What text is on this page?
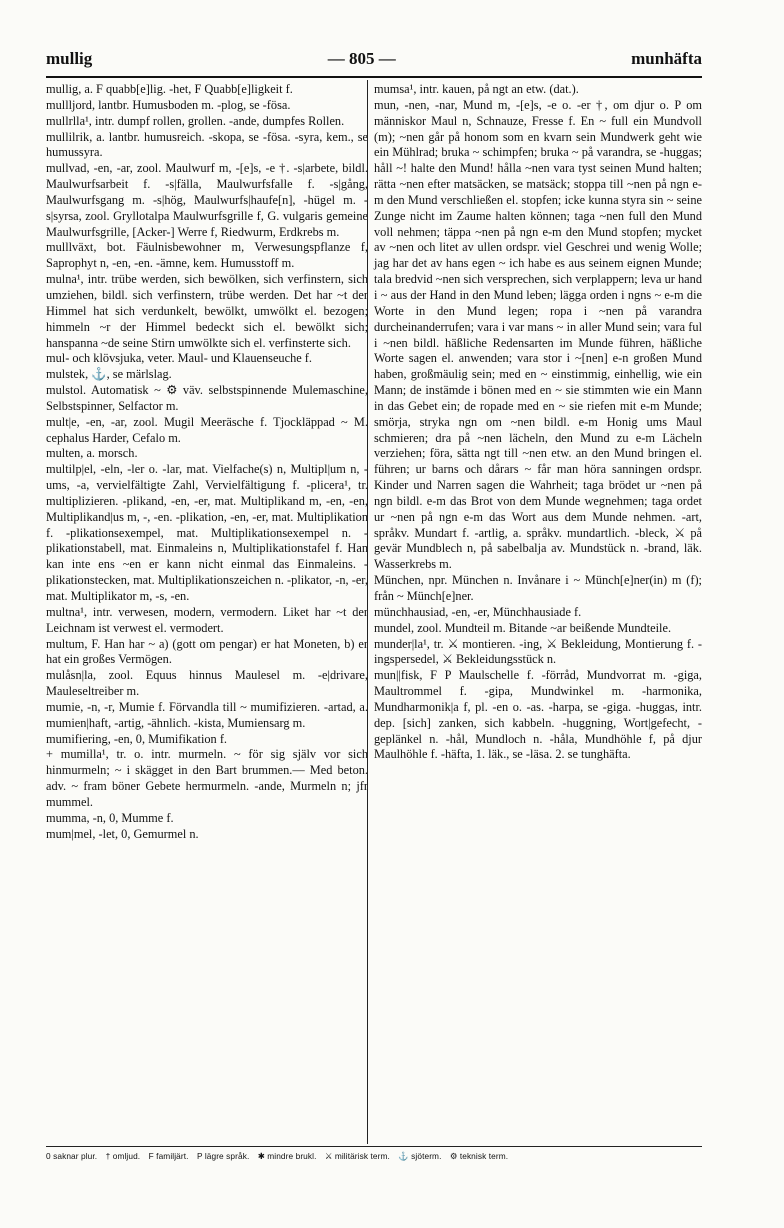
mullig	— 805 —	munhäfta

mullig, a. F quabb[e]lig. -het, F Quabb[e]ligkeit f.

mullljord, lantbr. Humusboden m. -plog, se -fösa.

mullrlla¹, intr. dumpf rollen, grollen. -ande, dumpfes Rollen.

mullilrik, a. lantbr. humusreich. -skopa, se -fösa. -syra, kem., se humussyra.

mullvad, -en, -ar, zool. Maulwurf m, -[e]s, -e †. -s|arbete, bildl. Maulwurfsarbeit f. -s|fälla, Maulwurfsfalle f. -s|gång, Maulwurfsgang m. -s|hög, Maulwurfs|haufe[n], -hügel m. -s|syrsa, zool. Gryllotalpa Maulwurfsgrille f, G. vulgaris gemeine Maulwurfsgrille, [Acker-] Werre f, Riedwurm, Erdkrebs m.

mulllväxt, bot. Fäulnisbewohner m, Verwesungspflanze f, Saprophyt n, -en, -en. -ämne, kem. Humusstoff m.

mulna¹, intr. trübe werden, sich bewölken, sich verfinstern, sich umziehen, bildl. sich verfinstern, trübe werden. Det har ~t der Himmel hat sich verdunkelt, bewölkt, umwölkt el. bezogen; himmeln ~r der Himmel bedeckt sich el. bewölkt sich; hanspanna ~de seine Stirn umwölkte sich el. verfinsterte sich.

mul- och klövsjuka, veter. Maul- und Klauenseuche f.

mulstek, ⚓, se märlslag.

mulstol. Automatisk ~ ⚙ väv. selbstspinnende Mulemaschine, Selbstspinner, Selfactor m.

mult|e, -en, -ar, zool. Mugil Meeräsche f. Tjockläppad ~ M. cephalus Harder, Cefalo m.

multen, a. morsch.

multilp|el, -eln, -ler o. -lar, mat. Vielfache(s) n, Multipl|um n, -ums, -a, vervielfältigte Zahl, Vervielfältigung f. -plicera¹, tr. multiplizieren. -plikand, -en, -er, mat. Multiplikand m, -en, -en, Multiplikand|us m, -, -en. -plikation, -en, -er, mat. Multiplikation f. -plikationsexempel, mat. Multiplikationsexempel n. -plikationstabell, mat. Einmaleins n, Multiplikationstafel f. Han kan inte ens ~en er kann nicht einmal das Einmaleins. -plikationstecken, mat. Multiplikationszeichen n. -plikator, -n, -er, mat. Multiplikator m, -s, -en.

multna¹, intr. verwesen, modern, vermodern. Liket har ~t der Leichnam ist verwest el. vermodert.

multum, F. Han har ~ a) (gott om pengar) er hat Moneten, b) er hat ein großes Vermögen.

mulåsn|la, zool. Equus hinnus Maulesel m. -e|drivare, Mauleseltreiber m.

mumie, -n, -r, Mumie f. Förvandla till ~ mumifizieren. -artad, a. mumien|haft, -artig, -ähnlich. -kista, Mumiensarg m.

mumifiering, -en, 0, Mumifikation f.

+ mumilla¹, tr. o. intr. murmeln. ~ för sig själv vor sich hinmurmeln; ~ i skägget in den Bart brummen.— Med beton. adv. ~ fram böner Gebete hermurmeln. -ande, Murmeln n; jfr mummel.

mumma, -n, 0, Mumme f.

mum|mel, -let, 0, Gemurmel n.

mumsa¹, intr. kauen, på ngt an etw. (dat.).

mun, -nen, -nar, Mund m, -[e]s, -e o. -er †, om djur o. P om människor Maul n, Schnauze, Fresse f. En ~ full ein Mundvoll (m); ~nen går på honom som en kvarn sein Mundwerk geht wie ein Mühlrad; bruka ~ schimpfen; bruka ~ på varandra, se -huggas; håll ~! halte den Mund! hålla ~nen vara tyst seinen Mund halten; rätta ~nen efter matsäcken, se matsäck; stoppa till ~nen på ngn e-m den Mund verschließen el. stopfen; icke kunna styra sin ~ seine Zunge nicht im Zaume halten können; taga ~nen full den Mund voll nehmen; täppa ~nen på ngn e-m den Mund stopfen; mycket av ~nen och litet av ullen ordspr. viel Geschrei und wenig Wolle; jag har det av hans egen ~ ich habe es aus seinem eignen Munde; tala bredvid ~nen sich versprechen, sich verplappern; leva ur hand i ~ aus der Hand in den Mund leben; lägga orden i ngns ~ e-m die Worte in den Mund legen; ropa i ~nen på varandra durcheinanderrufen; vara i var mans ~ in aller Mund sein; vara ful i ~nen bildl. häßliche Redensarten im Munde führen, häßliche Worte sagen el. anwenden; vara stor i ~[nen] e-n großen Mund haben, großmäulig sein; med en ~ einstimmig, einhellig, wie ein Mann; de instämde i bönen med en ~ sie stimmten wie ein Mann in das Gebet ein; de ropade med en ~ sie riefen mit e-m Munde; smörja, stryka ngn om ~nen bildl. e-m Honig ums Maul schmieren; dra på ~nen lächeln, den Mund zu e-m Lächeln verziehen; föra, sätta ngt till ~nen etw. an den Mund bringen el. führen; ur barns och dårars ~ får man höra sanningen ordspr. Kinder und Narren sagen die Wahrheit; taga brödet ur ~nen på ngn bildl. e-m das Brot von dem Munde wegnehmen; taga ordet ur ~nen på ngn e-m das Wort aus dem Munde nehmen. -art, språkv. Mundart f. -artlig, a. språkv. mundartlich. -bleck, ⚔ på gevär Mundblech n, på sabelbalja av. Mundstück n. -brand, läk. Wasserkrebs m.

München, npr. München n. Invånare i ~ Münch[e]ner(in) m (f); från ~ Münch[e]ner.

münchhausiad, -en, -er, Münchhausiade f.

mundel, zool. Mundteil m. Bitande ~ar beißende Mundteile.

munder|la¹, tr. ⚔ montieren. -ing, ⚔ Bekleidung, Montierung f. -ingspersedel, ⚔ Bekleidungsstück n.

mun||fisk, F P Maulschelle f. -förråd, Mundvorrat m. -giga, Maultrommel f. -gipa, Mundwinkel m. -harmonika, Mundharmonik|a f, pl. -en o. -as. -harpa, se -giga. -huggas, intr. dep. [sich] zanken, sich kabbeln. -huggning, Wort|gefecht, -geplänkel n. -hål, Mundloch n. -håla, Mundhöhle f, på djur Maulhöhle f. -häfta, 1. läk., se -läsa. 2. se tunghäfta.

0 saknar plur. † omljud. F familjärt. P lägre språk. ✱ mindre brukl. ⚔ militärisk term. ⚓ sjöterm. ⚙ teknisk term.
